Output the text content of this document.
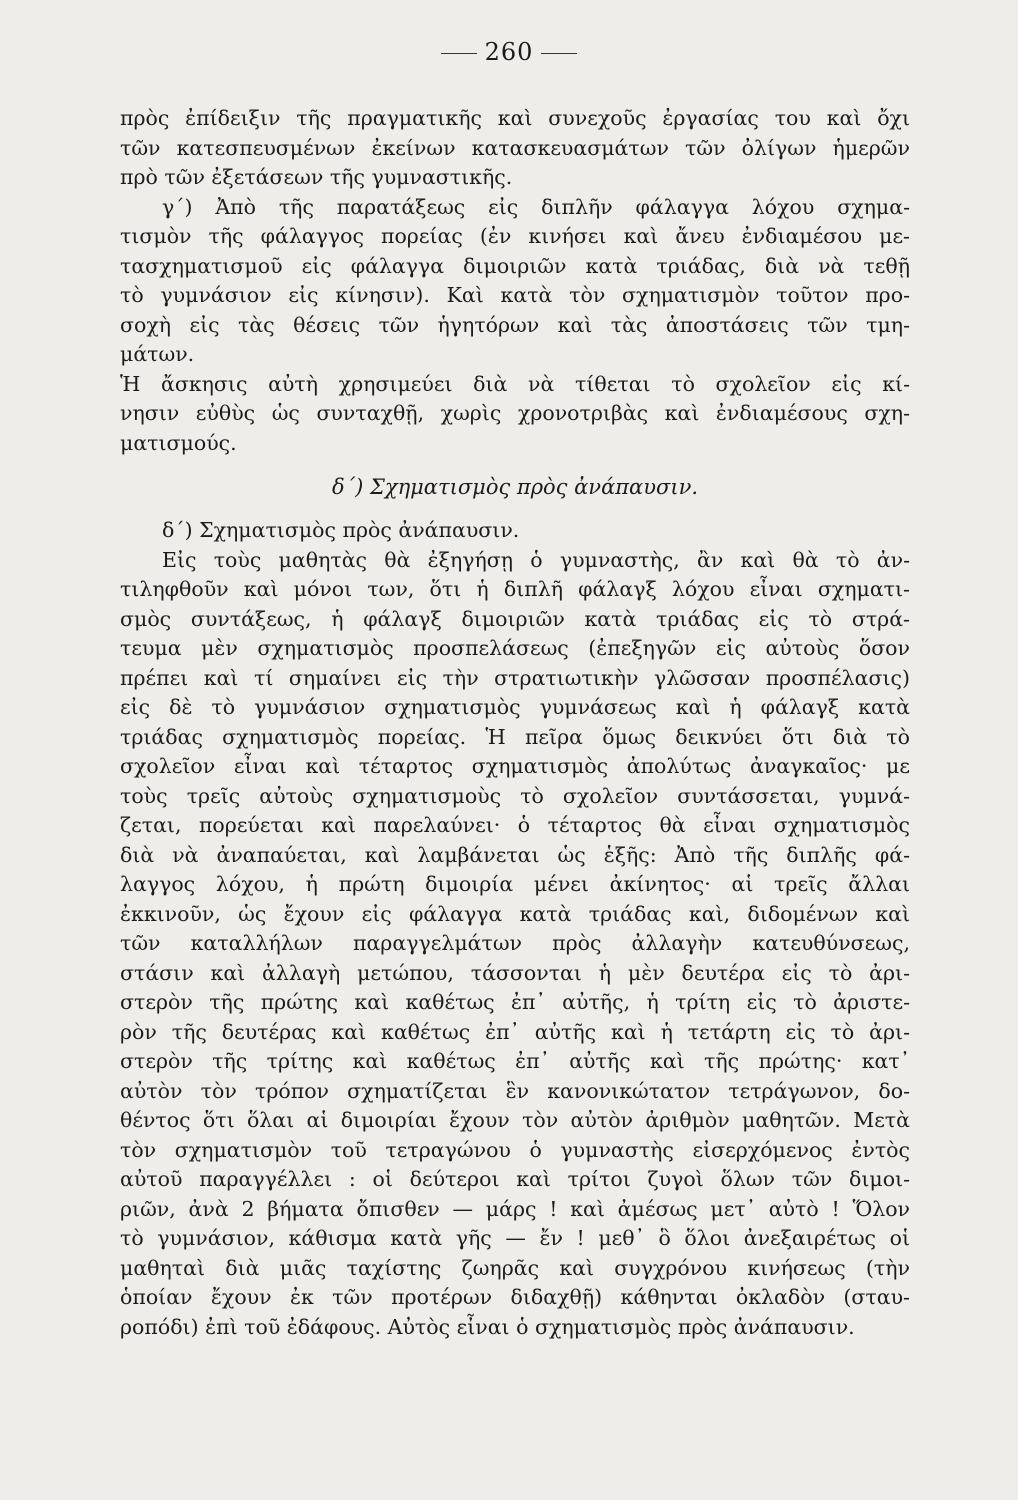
260
πρὸς ἐπίδειξιν τῆς πραγματικῆς καὶ συνεχοῦς ἐργασίας του καὶ ὄχι
τῶν κατεσπευσμένων ἐκείνων κατασκευασμάτων τῶν ὀλίγων ἡμερῶν
πρὸ τῶν ἐξετάσεων τῆς γυμναστικῆς.
γ΄) Ἀπὸ τῆς παρατάξεως εἰς διπλῆν φάλαγγα λόχου σχημα-
τισμὸν τῆς φάλαγγος πορείας (ἐν κινήσει καὶ ἄνευ ἐνδιαμέσου με-
τασχηματισμοῦ εἰς φάλαγγα διμοιριῶν κατὰ τριάδας, διὰ νὰ τεθῇ
τὸ γυμνάσιον εἰς κίνησιν). Καὶ κατὰ τὸν σχηματισμὸν τοῦτον προ-
σοχὴ εἰς τὰς θέσεις τῶν ἡγητόρων καὶ τὰς ἀποστάσεις τῶν τμη-
μάτων.
Ἡ ἄσκησις αὐτὴ χρησιμεύει διὰ νὰ τίθεται τὸ σχολεῖον εἰς κί-
νησιν εὐθὺς ὡς συνταχθῇ, χωρὶς χρονοτριβὰς καὶ ἐνδιαμέσους σχη-
ματισμούς.
δ΄) Σχηματισμὸς πρὸς ἀνάπαυσιν.
δ΄) Σχηματισμὸς πρὸς ἀνάπαυσιν.
Εἰς τοὺς μαθητὰς θὰ ἐξηγήσῃ ὁ γυμναστὴς, ἂν καὶ θὰ τὸ ἀν-
τιληφθοῦν καὶ μόνοι των, ὅτι ἡ διπλῆ φάλαγξ λόχου εἶναι σχηματι-
σμὸς συντάξεως, ἡ φάλαγξ διμοιριῶν κατὰ τριάδας εἰς τὸ στρά-
τευμα μὲν σχηματισμὸς προσπελάσεως (ἐπεξηγῶν εἰς αὐτοὺς ὅσον
πρέπει καὶ τί σημαίνει εἰς τὴν στρατιωτικὴν γλῶσσαν προσπέλασις)
εἰς δὲ τὸ γυμνάσιον σχηματισμὸς γυμνάσεως καὶ ἡ φάλαγξ κατὰ
τριάδας σχηματισμὸς πορείας. Ἡ πεῖρα ὅμως δεικνύει ὅτι διὰ τὸ
σχολεῖον εἶναι καὶ τέταρτος σχηματισμὸς ἀπολύτως ἀναγκαῖος· με
τοὺς τρεῖς αὐτοὺς σχηματισμοὺς τὸ σχολεῖον συντάσσεται, γυμνά-
ζεται, πορεύεται καὶ παρελαύνει· ὁ τέταρτος θὰ εἶναι σχηματισμὸς
διὰ νὰ ἀναπαύεται, καὶ λαμβάνεται ὡς ἑξῆς: Ἀπὸ τῆς διπλῆς φά-
λαγγος λόχου, ἡ πρώτη διμοιρία μένει ἀκίνητος· αἱ τρεῖς ἄλλαι
ἐκκινοῦν, ὡς ἔχουν εἰς φάλαγγα κατὰ τριάδας καὶ, διδομένων καὶ
τῶν καταλλήλων παραγγελμάτων πρὸς ἀλλαγὴν κατευθύνσεως,
στάσιν καὶ ἀλλαγὴ μετώπου, τάσσονται ἡ μὲν δευτέρα εἰς τὸ ἀρι-
στερὸν τῆς πρώτης καὶ καθέτως ἐπ᾽ αὐτῆς, ἡ τρίτη εἰς τὸ ἀριστε-
ρὸν τῆς δευτέρας καὶ καθέτως ἐπ᾽ αὐτῆς καὶ ἡ τετάρτη εἰς τὸ ἀρι-
στερὸν τῆς τρίτης καὶ καθέτως ἐπ᾽ αὐτῆς καὶ τῆς πρώτης· κατ᾽
αὐτὸν τὸν τρόπον σχηματίζεται ἓν κανονικώτατον τετράγωνον, δο-
θέντος ὅτι ὅλαι αἱ διμοιρίαι ἔχουν τὸν αὐτὸν ἀριθμὸν μαθητῶν. Μετὰ
τὸν σχηματισμὸν τοῦ τετραγώνου ὁ γυμναστὴς εἰσερχόμενος ἐντὸς
αὐτοῦ παραγγέλλει : οἱ δεύτεροι καὶ τρίτοι ζυγοὶ ὅλων τῶν διμοι-
ριῶν, ἀνὰ 2 βήματα ὄπισθεν — μάρς ! καὶ ἀμέσως μετ᾽ αὐτὸ ! Ὅλον
τὸ γυμνάσιον, κάθισμα κατὰ γῆς — ἔν ! μεθ᾽ ὃ ὅλοι ἀνεξαιρέτως οἱ
μαθηταὶ διὰ μιᾶς ταχίστης ζωηρᾶς καὶ συγχρόνου κινήσεως (τὴν
ὁποίαν ἔχουν ἐκ τῶν προτέρων διδαχθῇ) κάθηνται ὀκλαδὸν (σταυ-
ροπόδι) ἐπὶ τοῦ ἐδάφους. Αὐτὸς εἶναι ὁ σχηματισμὸς πρὸς ἀνάπαυσιν.
